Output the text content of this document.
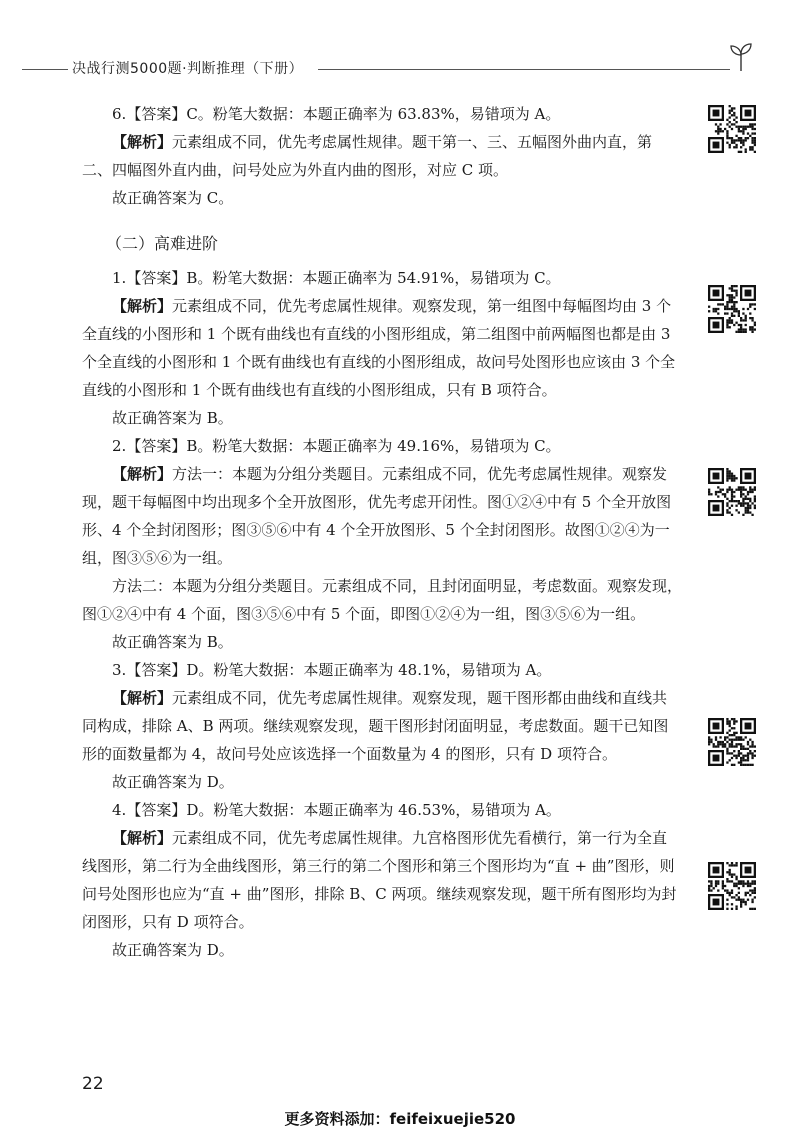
决战行测5000题·判断推理（下册）

6.【答案】C。粉笔大数据：本题正确率为 63.83%，易错项为 A。

【解析】元素组成不同，优先考虑属性规律。题干第一、三、五幅图外曲内直，第二、四幅图外直内曲，问号处应为外直内曲的图形，对应 C 项。

故正确答案为 C。

（二）高难进阶

1.【答案】B。粉笔大数据：本题正确率为 54.91%，易错项为 C。

【解析】元素组成不同，优先考虑属性规律。观察发现，第一组图中每幅图均由 3 个全直线的小图形和 1 个既有曲线也有直线的小图形组成，第二组图中前两幅图也都是由 3 个全直线的小图形和 1 个既有曲线也有直线的小图形组成，故问号处图形也应该由 3 个全直线的小图形和 1 个既有曲线也有直线的小图形组成，只有 B 项符合。

故正确答案为 B。

2.【答案】B。粉笔大数据：本题正确率为 49.16%，易错项为 C。

【解析】方法一：本题为分组分类题目。元素组成不同，优先考虑属性规律。观察发现，题干每幅图中均出现多个全开放图形，优先考虑开闭性。图①②④中有 5 个全开放图形、4 个全封闭图形；图③⑤⑥中有 4 个全开放图形、5 个全封闭图形。故图①②④为一组，图③⑤⑥为一组。

方法二：本题为分组分类题目。元素组成不同，且封闭面明显，考虑数面。观察发现，图①②④中有 4 个面，图③⑤⑥中有 5 个面，即图①②④为一组，图③⑤⑥为一组。

故正确答案为 B。

3.【答案】D。粉笔大数据：本题正确率为 48.1%，易错项为 A。

【解析】元素组成不同，优先考虑属性规律。观察发现，题干图形都由曲线和直线共同构成，排除 A、B 两项。继续观察发现，题干图形封闭面明显，考虑数面。题干已知图形的面数量都为 4，故问号处应该选择一个面数量为 4 的图形，只有 D 项符合。

故正确答案为 D。

4.【答案】D。粉笔大数据：本题正确率为 46.53%，易错项为 A。

【解析】元素组成不同，优先考虑属性规律。九宫格图形优先看横行，第一行为全直线图形，第二行为全曲线图形，第三行的第二个图形和第三个图形均为“直 + 曲”图形，则问号处图形也应为“直 + 曲”图形，排除 B、C 两项。继续观察发现，题干所有图形均为封闭图形，只有 D 项符合。

故正确答案为 D。

22
更多资料添加：feifeixuejie520
